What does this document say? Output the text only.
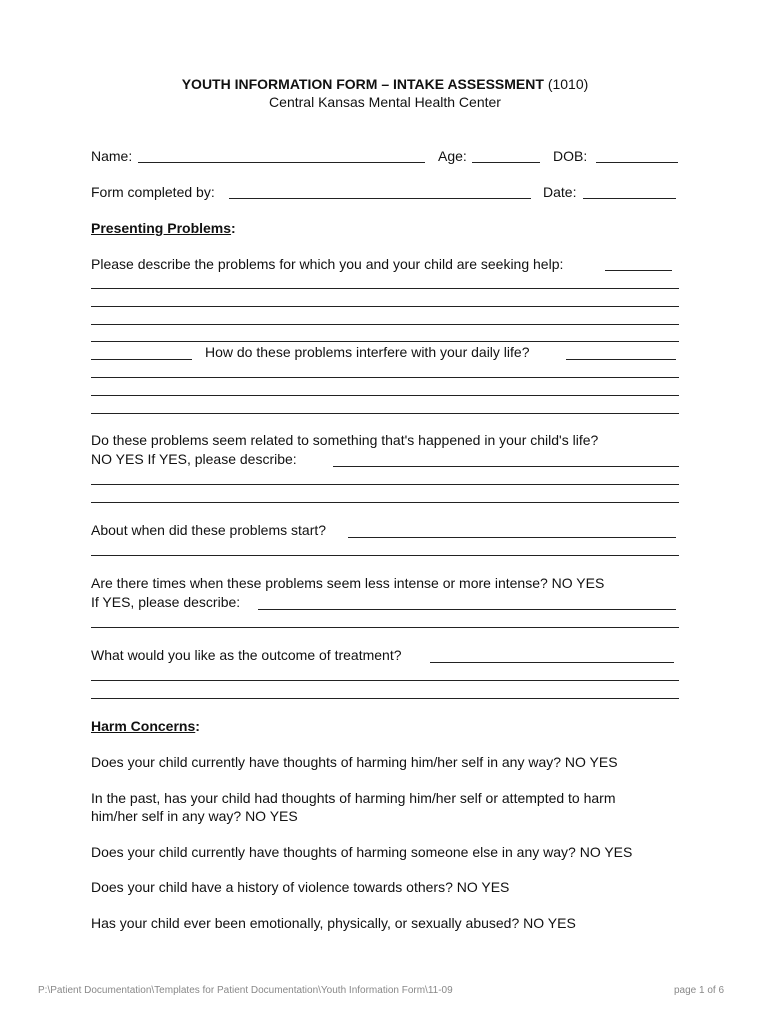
YOUTH INFORMATION FORM – INTAKE ASSESSMENT (1010)
Central Kansas Mental Health Center
Name:	Age:	DOB:
Form completed by:	Date:
Presenting Problems:
Please describe the problems for which you and your child are seeking help:
How do these problems interfere with your daily life?
Do these problems seem related to something that's happened in your child's life?
NO YES If YES, please describe:
About when did these problems start?
Are there times when these problems seem less intense or more intense? NO YES
If YES, please describe:
What would you like as the outcome of treatment?
Harm Concerns:
Does your child currently have thoughts of harming him/her self in any way? NO YES
In the past, has your child had thoughts of harming him/her self or attempted to harm
him/her self in any way? NO YES
Does your child currently have thoughts of harming someone else in any way? NO YES
Does your child have a history of violence towards others? NO YES
Has your child ever been emotionally, physically, or sexually abused? NO YES
P:\Patient Documentation\Templates for Patient Documentation\Youth Information Form\11-09	page 1 of 6
